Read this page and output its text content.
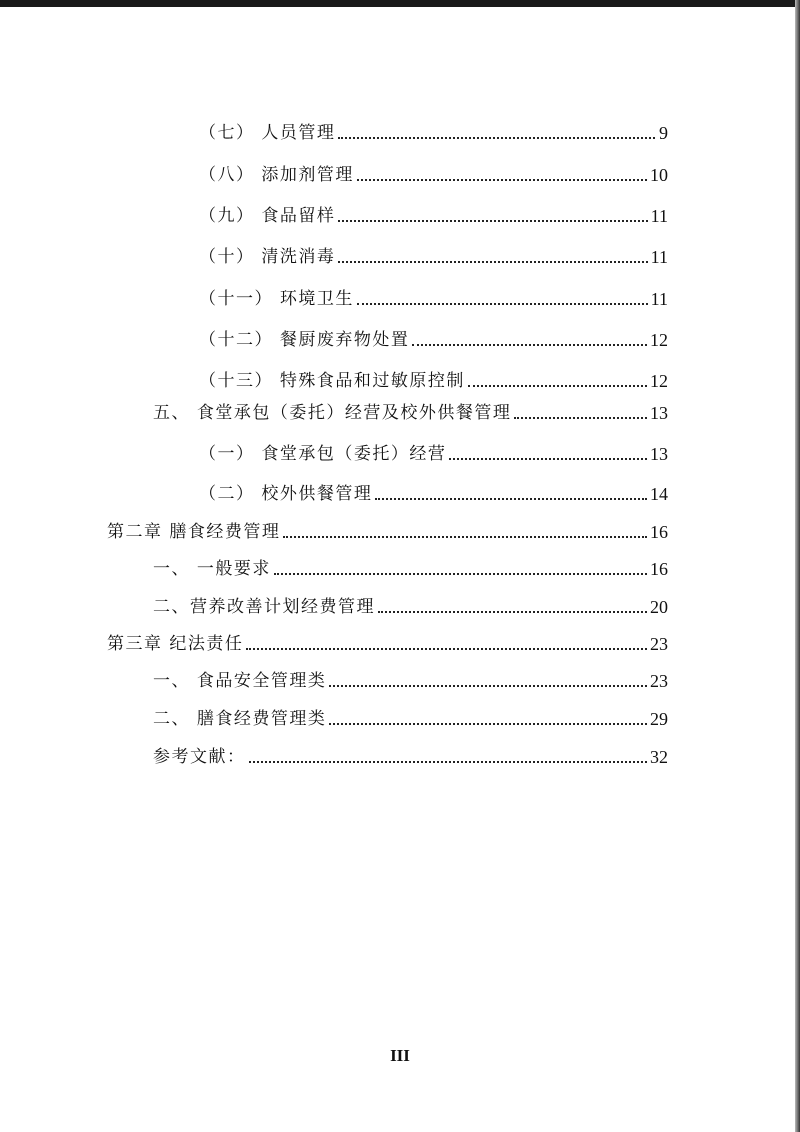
（七） 人员管理	9
（八） 添加剂管理	10
（九） 食品留样	11
（十） 清洗消毒	11
（十一） 环境卫生	11
（十二） 餐厨废弃物处置	12
（十三） 特殊食品和过敏原控制	12
五、 食堂承包（委托）经营及校外供餐管理	13
（一） 食堂承包（委托）经营	13
（二） 校外供餐管理	14
第二章 膳食经费管理	16
一、 一般要求	16
二、营养改善计划经费管理	20
第三章 纪法责任	23
一、 食品安全管理类	23
二、 膳食经费管理类	29
参考文献：	32
III
